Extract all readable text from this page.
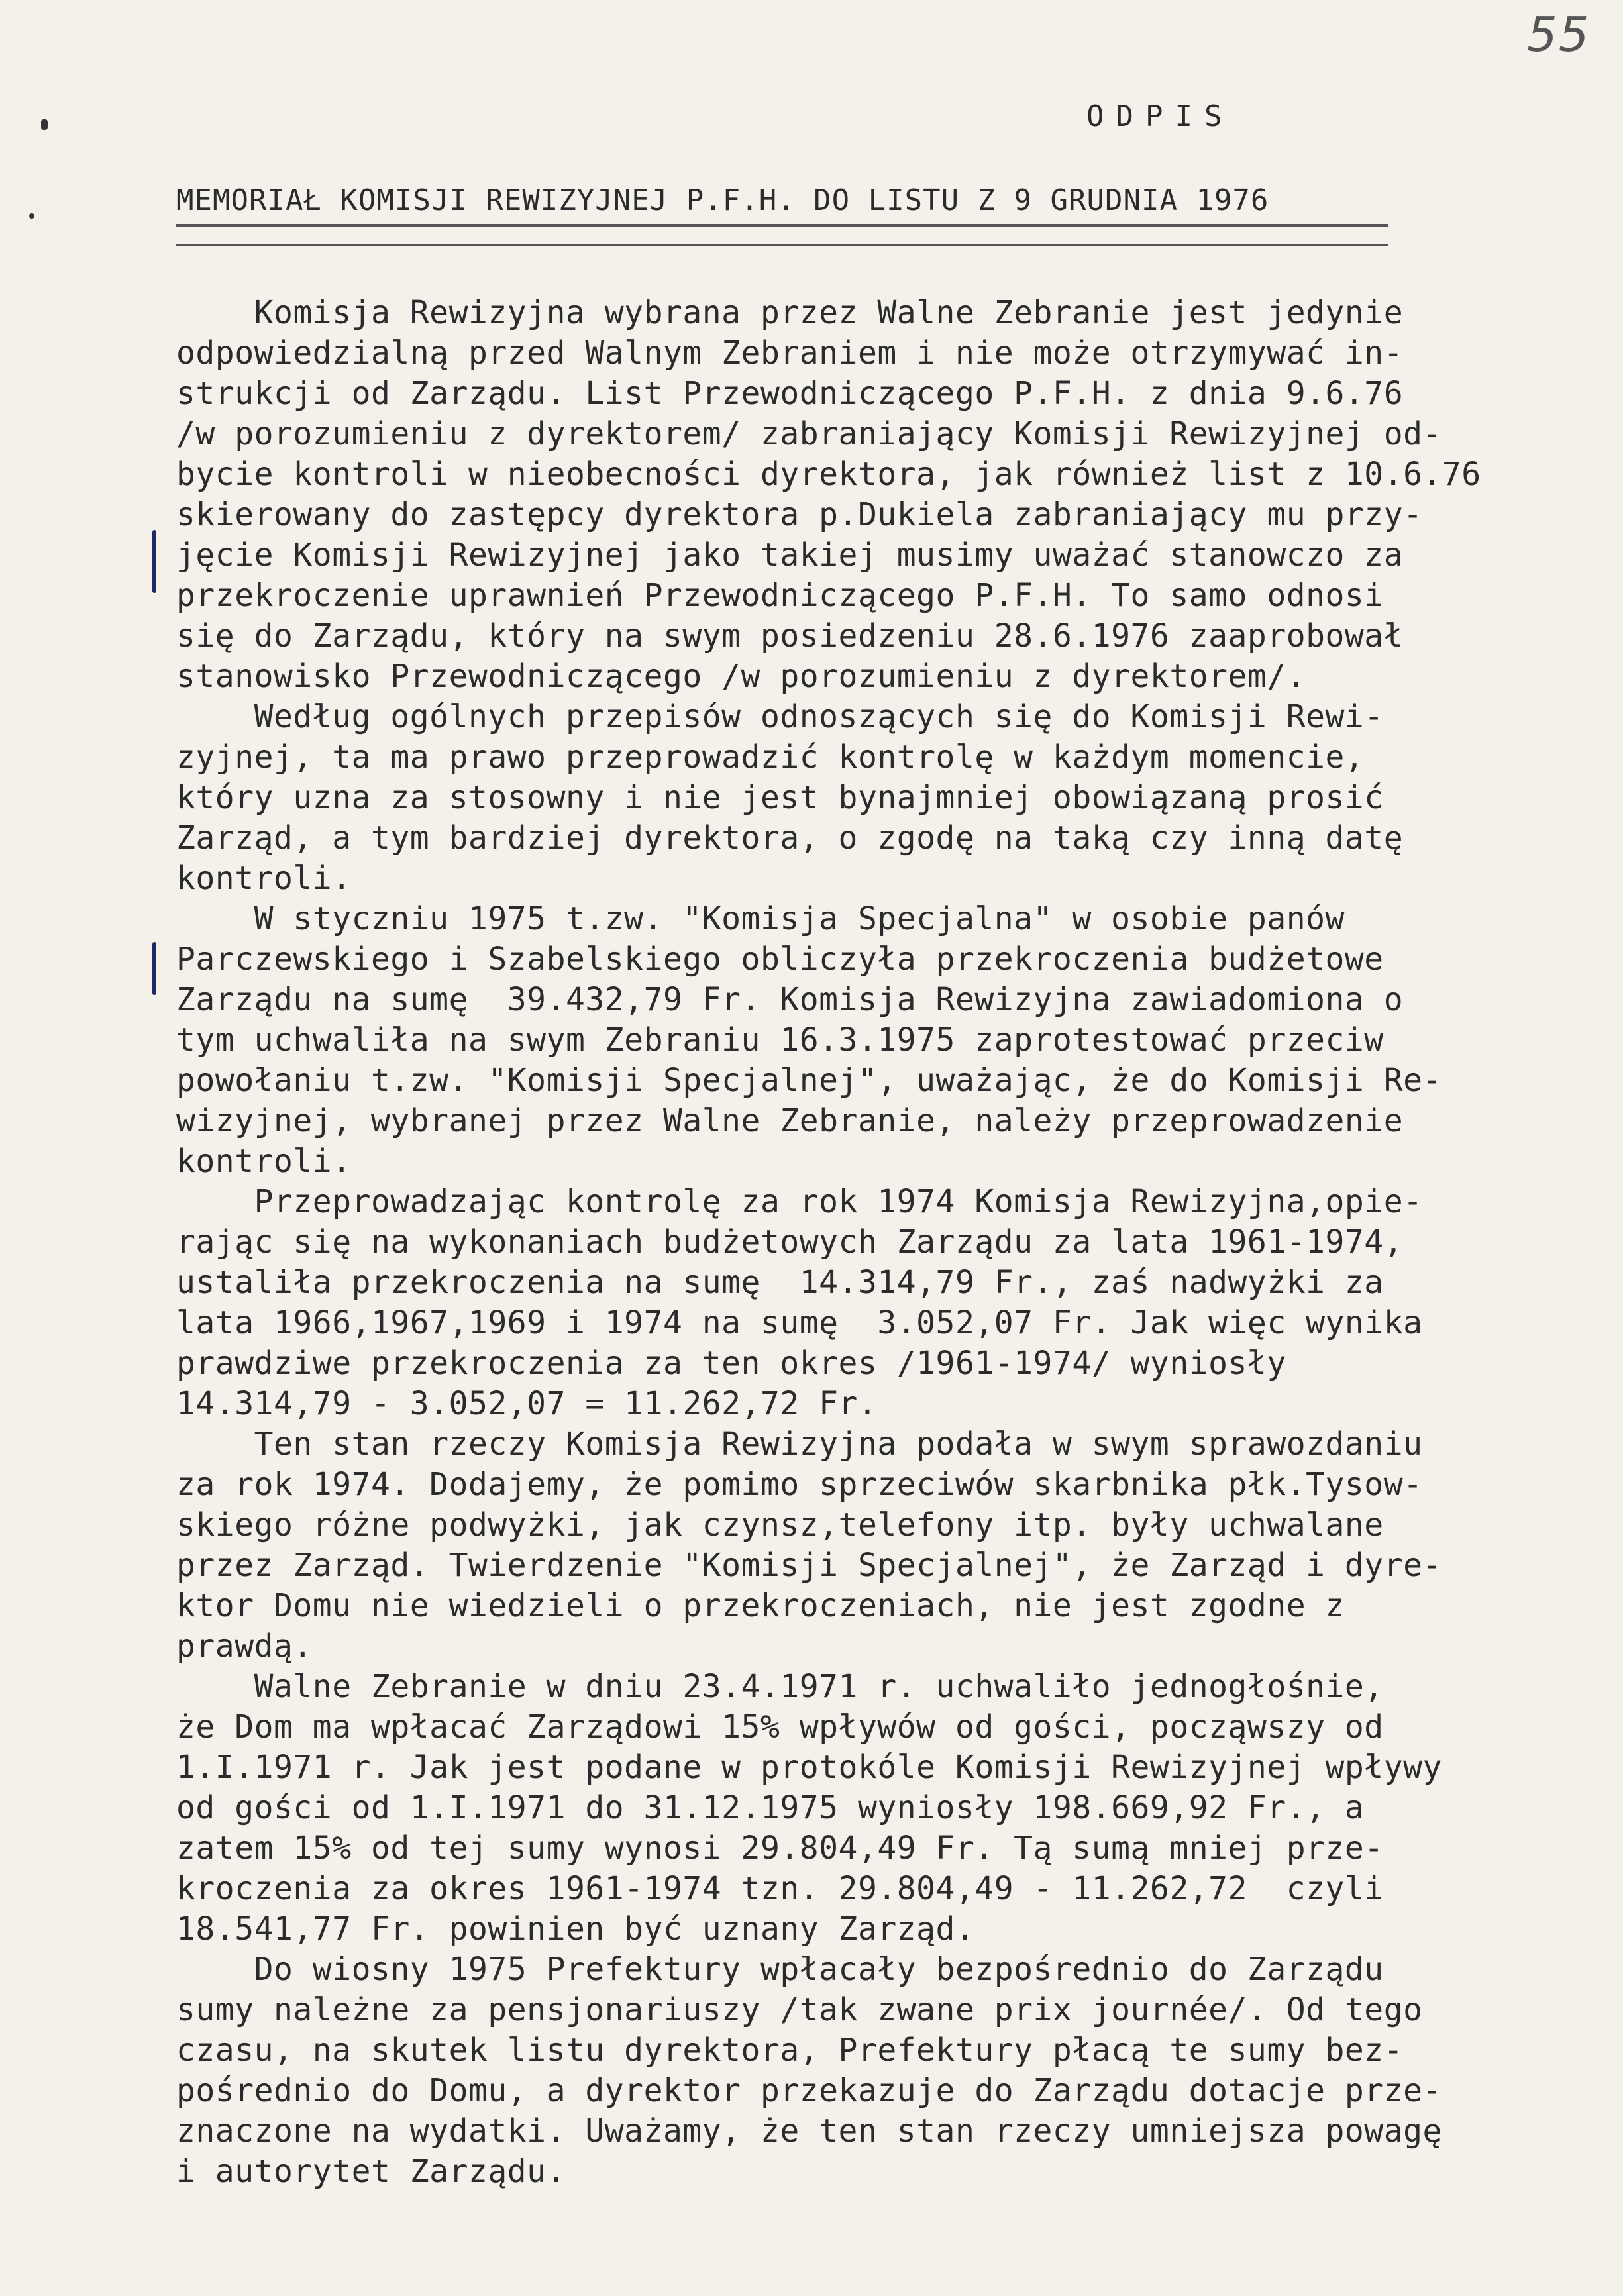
55
ODPIS
MEMORIAŁ KOMISJI REWIZYJNEJ P.F.H. DO LISTU Z 9 GRUDNIA 1976
Komisja Rewizyjna wybrana przez Walne Zebranie jest jedynie
odpowiedzialną przed Walnym Zebraniem i nie może otrzymywać in-
strukcji od Zarządu. List Przewodniczącego P.F.H. z dnia 9.6.76
/w porozumieniu z dyrektorem/ zabraniający Komisji Rewizyjnej od-
bycie kontroli w nieobecności dyrektora, jak również list z 10.6.76
skierowany do zastępcy dyrektora p.Dukiela zabraniający mu przy-
jęcie Komisji Rewizyjnej jako takiej musimy uważać stanowczo za
przekroczenie uprawnień Przewodniczącego P.F.H. To samo odnosi
się do Zarządu, który na swym posiedzeniu 28.6.1976 zaaprobował
stanowisko Przewodniczącego /w porozumieniu z dyrektorem/.
Według ogólnych przepisów odnoszących się do Komisji Rewi-
zyjnej, ta ma prawo przeprowadzić kontrolę w każdym momencie,
który uzna za stosowny i nie jest bynajmniej obowiązaną prosić
Zarząd, a tym bardziej dyrektora, o zgodę na taką czy inną datę
kontroli.
W styczniu 1975 t.zw. "Komisja Specjalna" w osobie panów
Parczewskiego i Szabelskiego obliczyła przekroczenia budżetowe
Zarządu na sumę  39.432,79 Fr. Komisja Rewizyjna zawiadomiona o
tym uchwaliła na swym Zebraniu 16.3.1975 zaprotestować przeciw
powołaniu t.zw. "Komisji Specjalnej", uważając, że do Komisji Re-
wizyjnej, wybranej przez Walne Zebranie, należy przeprowadzenie
kontroli.
Przeprowadzając kontrolę za rok 1974 Komisja Rewizyjna,opie-
rając się na wykonaniach budżetowych Zarządu za lata 1961-1974,
ustaliła przekroczenia na sumę  14.314,79 Fr., zaś nadwyżki za
lata 1966,1967,1969 i 1974 na sumę  3.052,07 Fr. Jak więc wynika
prawdziwe przekroczenia za ten okres /1961-1974/ wyniosły
14.314,79 - 3.052,07 = 11.262,72 Fr.
Ten stan rzeczy Komisja Rewizyjna podała w swym sprawozdaniu
za rok 1974. Dodajemy, że pomimo sprzeciwów skarbnika płk.Tysow-
skiego różne podwyżki, jak czynsz,telefony itp. były uchwalane
przez Zarząd. Twierdzenie "Komisji Specjalnej", że Zarząd i dyre-
ktor Domu nie wiedzieli o przekroczeniach, nie jest zgodne z
prawdą.
Walne Zebranie w dniu 23.4.1971 r. uchwaliło jednogłośnie,
że Dom ma wpłacać Zarządowi 15% wpływów od gości, począwszy od
1.I.1971 r. Jak jest podane w protokóle Komisji Rewizyjnej wpływy
od gości od 1.I.1971 do 31.12.1975 wyniosły 198.669,92 Fr., a
zatem 15% od tej sumy wynosi 29.804,49 Fr. Tą sumą mniej prze-
kroczenia za okres 1961-1974 tzn. 29.804,49 - 11.262,72  czyli
18.541,77 Fr. powinien być uznany Zarząd.
Do wiosny 1975 Prefektury wpłacały bezpośrednio do Zarządu
sumy należne za pensjonariuszy /tak zwane prix journée/. Od tego
czasu, na skutek listu dyrektora, Prefektury płacą te sumy bez-
pośrednio do Domu, a dyrektor przekazuje do Zarządu dotacje prze-
znaczone na wydatki. Uważamy, że ten stan rzeczy umniejsza powagę
i autorytet Zarządu.
